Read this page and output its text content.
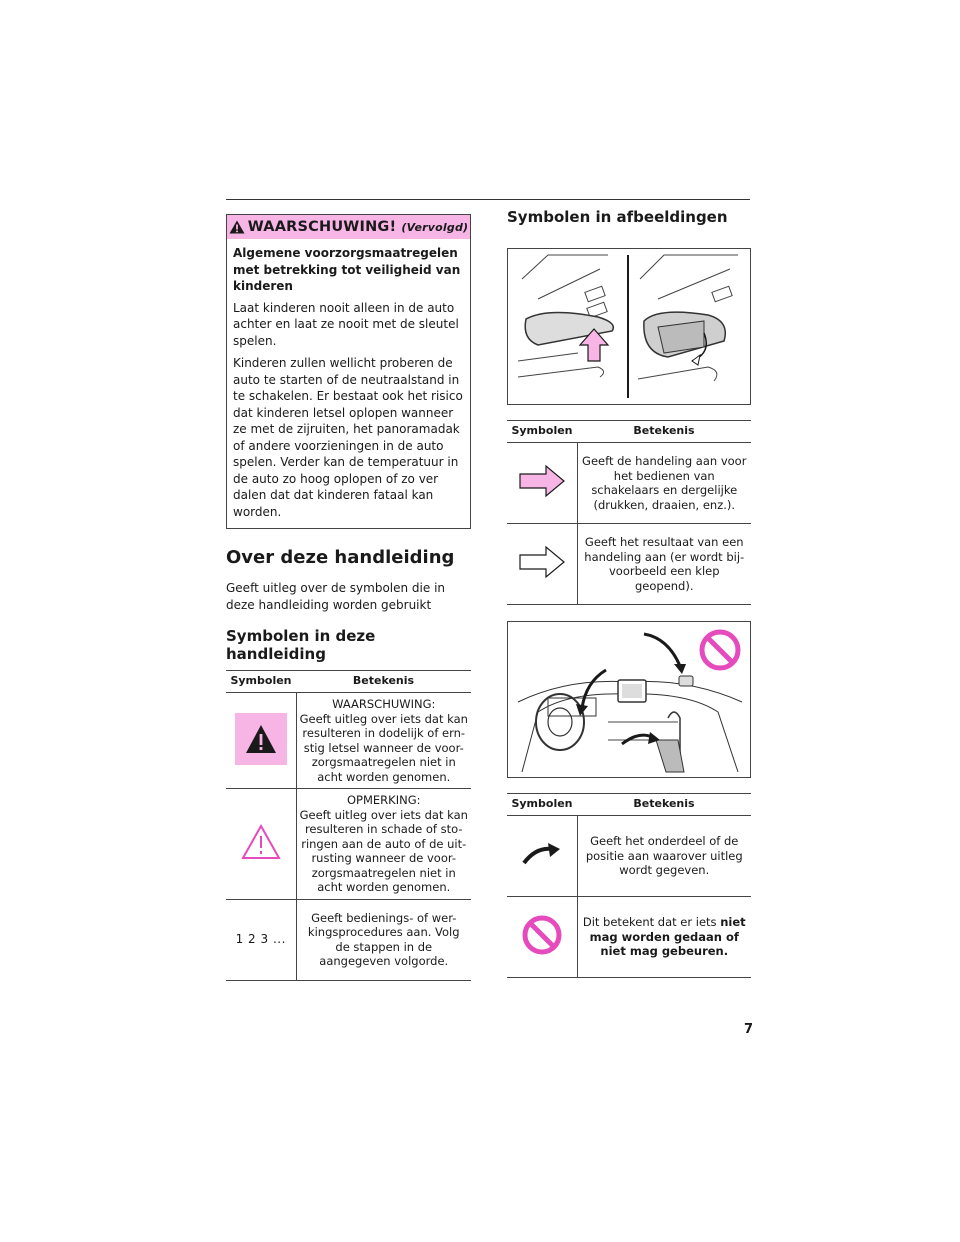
WAARSCHUWING! (Vervolgd)

Algemene voorzorgsmaatregelen met betrekking tot veiligheid van kinderen

Laat kinderen nooit alleen in de auto achter en laat ze nooit met de sleutel spelen.

Kinderen zullen wellicht proberen de auto te starten of de neutraalstand in te schakelen. Er bestaat ook het risico dat kinderen letsel oplopen wanneer ze met de zijruiten, het panoramadak of andere voorzieningen in de auto spelen. Verder kan de temperatuur in de auto zo hoog oplopen of zo ver dalen dat dat kinderen fataal kan worden.

Over deze handleiding

Geeft uitleg over de symbolen die in deze handleiding worden gebruikt

Symbolen in deze handleiding
Symbolen	Betekenis
	WAARSCHUWING:
Geeft uitleg over iets dat kan resulteren in dodelijk of ern-stig letsel wanneer de voor-zorgsmaatregelen niet in acht worden genomen.
	OPMERKING:
Geeft uitleg over iets dat kan resulteren in schade of sto-ringen aan de auto of de uit-rusting wanneer de voor-zorgsmaatregelen niet in acht worden genomen.
1 2 3 ...	Geeft bedienings- of wer-kingsprocedures aan. Volg de stappen in de aangegeven volgorde.
Symbolen in afbeeldingen
Symbolen	Betekenis
	Geeft de handeling aan voor het bedienen van schakelaars en dergelijke (drukken, draaien, enz.).
	Geeft het resultaat van een handeling aan (er wordt bij-voorbeeld een klep geopend).
Symbolen	Betekenis
	Geeft het onderdeel of de positie aan waarover uitleg wordt gegeven.
	Dit betekent dat er iets niet mag worden gedaan of niet mag gebeuren.
7
